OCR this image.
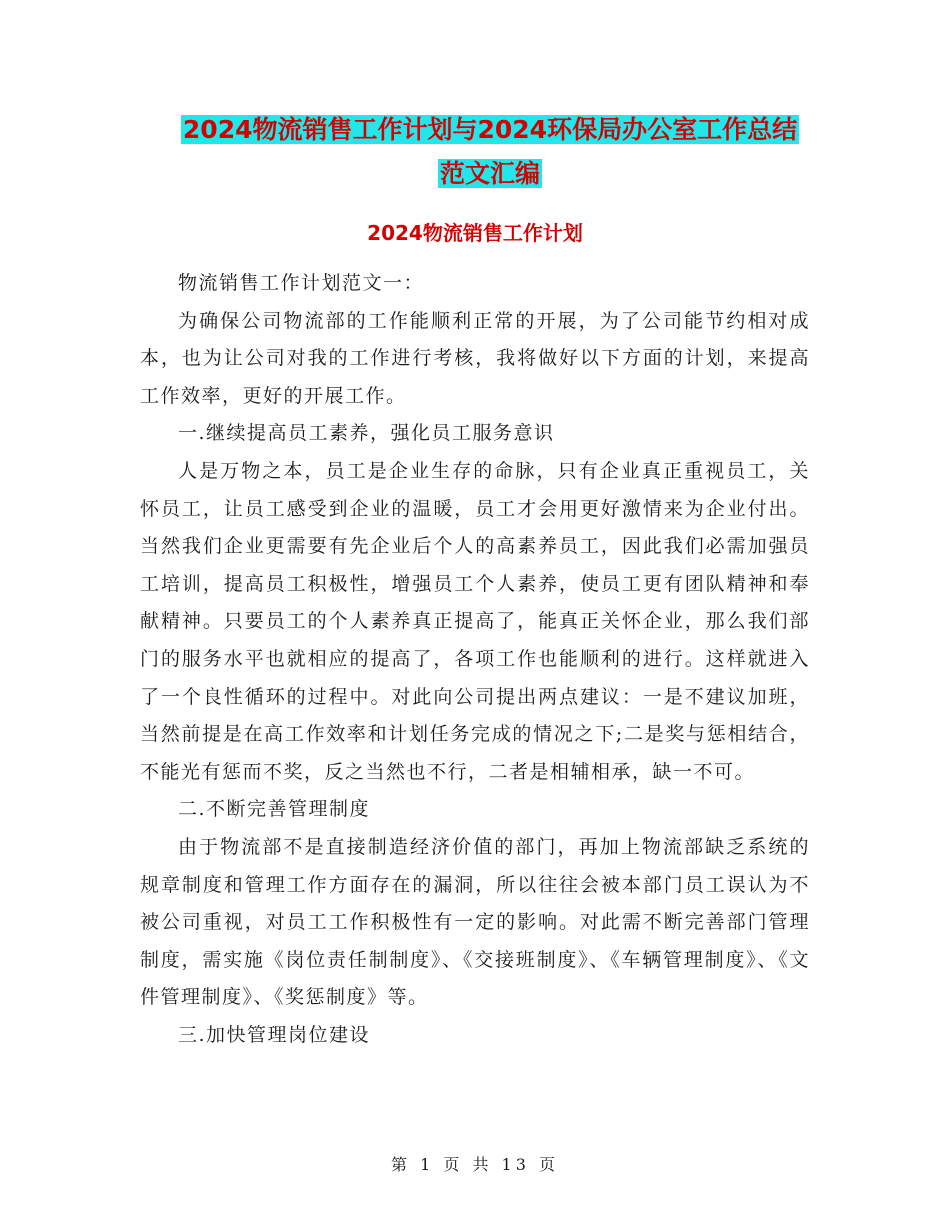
2024物流销售工作计划与2024环保局办公室工作总结
范文汇编
2024物流销售工作计划

物流销售工作计划范文一：

为确保公司物流部的工作能顺利正常的开展，为了公司能节约相对成本，也为让公司对我的工作进行考核，我将做好以下方面的计划，来提高工作效率，更好的开展工作。

一.继续提高员工素养，强化员工服务意识

人是万物之本，员工是企业生存的命脉，只有企业真正重视员工，关怀员工，让员工感受到企业的温暖，员工才会用更好激情来为企业付出。当然我们企业更需要有先企业后个人的高素养员工，因此我们必需加强员工培训，提高员工积极性，增强员工个人素养，使员工更有团队精神和奉献精神。只要员工的个人素养真正提高了，能真正关怀企业，那么我们部门的服务水平也就相应的提高了，各项工作也能顺利的进行。这样就进入了一个良性循环的过程中。对此向公司提出两点建议：一是不建议加班，当然前提是在高工作效率和计划任务完成的情况之下;二是奖与惩相结合，不能光有惩而不奖，反之当然也不行，二者是相辅相承，缺一不可。

二.不断完善管理制度

由于物流部不是直接制造经济价值的部门，再加上物流部缺乏系统的规章制度和管理工作方面存在的漏洞，所以往往会被本部门员工误认为不被公司重视，对员工工作积极性有一定的影响。对此需不断完善部门管理制度，需实施《岗位责任制制度》、《交接班制度》、《车辆管理制度》、《文件管理制度》、《奖惩制度》等。

三.加快管理岗位建设

第 1 页 共 13 页
